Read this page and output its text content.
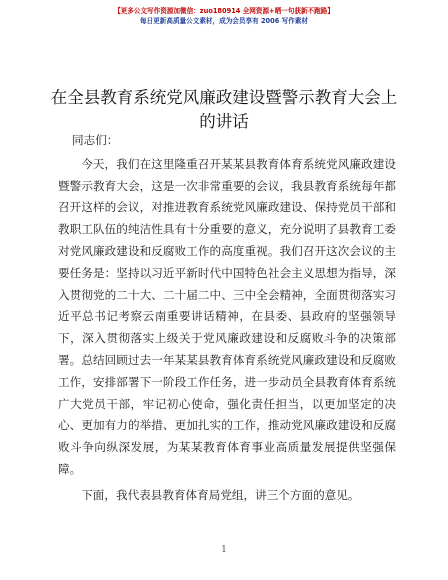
【更多公文写作资源加微信：zuo180914 全网资源+晒一句获新不跑路】
每日更新高质量公文素材，成为会员享有 2006 写作素材
在全县教育系统党风廉政建设暨警示教育大会上的讲话

同志们：

今天，我们在这里隆重召开某某县教育体育系统党风廉政建设暨警示教育大会，这是一次非常重要的会议，我县教育系统每年都召开这样的会议，对推进教育系统党风廉政建设、保持党员干部和教职工队伍的纯洁性具有十分重要的意义，充分说明了县教育工委对党风廉政建设和反腐败工作的高度重视。我们召开这次会议的主要任务是：坚持以习近平新时代中国特色社会主义思想为指导，深入贯彻党的二十大、二十届二中、三中全会精神，全面贯彻落实习近平总书记考察云南重要讲话精神，在县委、县政府的坚强领导下，深入贯彻落实上级关于党风廉政建设和反腐败斗争的决策部署。总结回顾过去一年某某县教育体育系统党风廉政建设和反腐败工作，安排部署下一阶段工作任务，进一步动员全县教育体育系统广大党员干部，牢记初心使命，强化责任担当，以更加坚定的决心、更加有力的举措、更加扎实的工作，推动党风廉政建设和反腐败斗争向纵深发展，为某某教育体育事业高质量发展提供坚强保障。

下面，我代表县教育体育局党组，讲三个方面的意见。

1
